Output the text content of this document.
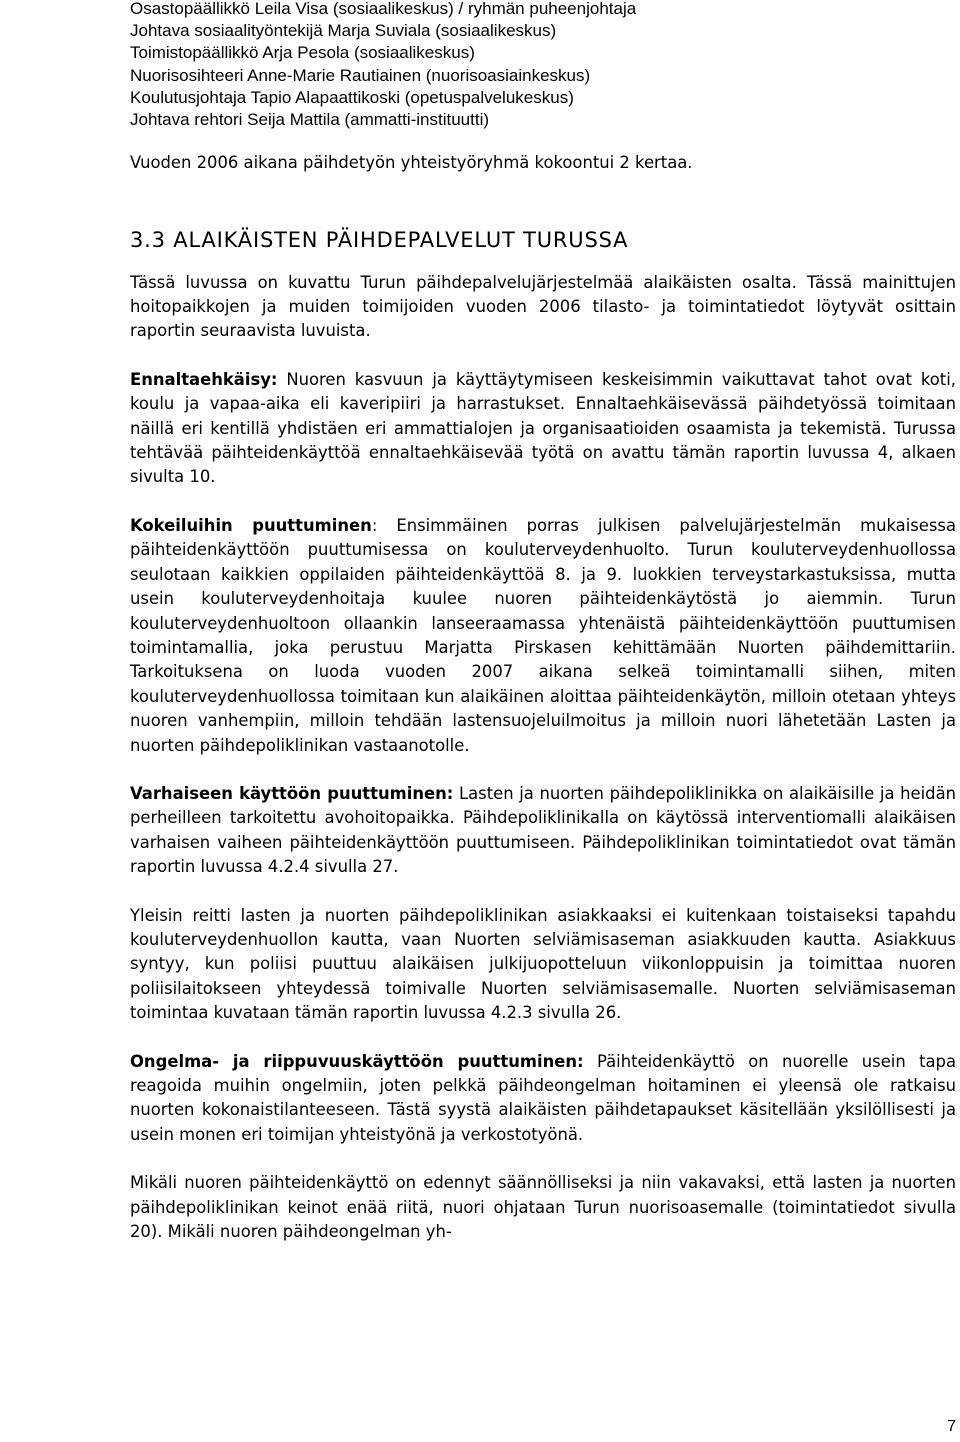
Osastopäällikkö Leila Visa (sosiaalikeskus) / ryhmän puheenjohtaja
Johtava sosiaalityöntekijä Marja Suviala (sosiaalikeskus)
Toimistopäällikkö Arja Pesola (sosiaalikeskus)
Nuorisosihteeri Anne-Marie Rautiainen (nuorisoasiainkeskus)
Koulutusjohtaja Tapio Alapaattikoski (opetuspalvelukeskus)
Johtava rehtori Seija Mattila (ammatti-instituutti)

Vuoden 2006 aikana päihdetyön yhteistyöryhmä kokoontui 2 kertaa.

3.3 ALAIKÄISTEN PÄIHDEPALVELUT TURUSSA

Tässä luvussa on kuvattu Turun päihdepalvelujärjestelmää alaikäisten osalta. Tässä mainittujen hoitopaikkojen ja muiden toimijoiden vuoden 2006 tilasto- ja toimintatiedot löytyvät osittain raportin seuraavista luvuista.

Ennaltaehkäisy: Nuoren kasvuun ja käyttäytymiseen keskeisimmin vaikuttavat tahot ovat koti, koulu ja vapaa-aika eli kaveripiiri ja harrastukset. Ennaltaehkäisevässä päihdetyössä toimitaan näillä eri kentillä yhdistäen eri ammattialojen ja organisaatioiden osaamista ja tekemistä. Turussa tehtävää päihteidenkäyttöä ennaltaehkäisevää työtä on avattu tämän raportin luvussa 4, alkaen sivulta 10.

Kokeiluihin puuttuminen: Ensimmäinen porras julkisen palvelujärjestelmän mukaisessa päihteidenkäyttöön puuttumisessa on kouluterveydenhuolto. Turun kouluterveydenhuollossa seulotaan kaikkien oppilaiden päihteidenkäyttöä 8. ja 9. luokkien terveystarkastuksissa, mutta usein kouluterveydenhoitaja kuulee nuoren päihteidenkäytöstä jo aiemmin. Turun kouluterveydenhuoltoon ollaankin lanseeraamassa yhtenäistä päihteidenkäyttöön puuttumisen toimintamallia, joka perustuu Marjatta Pirskasen kehittämään Nuorten päihdemittariin. Tarkoituksena on luoda vuoden 2007 aikana selkeä toimintamalli siihen, miten kouluterveydenhuollossa toimitaan kun alaikäinen aloittaa päihteidenkäytön, milloin otetaan yhteys nuoren vanhempiin, milloin tehdään lastensuojeluilmoitus ja milloin nuori lähetetään Lasten ja nuorten päihdepoliklinikan vastaanotolle.

Varhaiseen käyttöön puuttuminen: Lasten ja nuorten päihdepoliklinikka on alaikäisille ja heidän perheilleen tarkoitettu avohoitopaikka. Päihdepoliklinikalla on käytössä interventiomalli alaikäisen varhaisen vaiheen päihteidenkäyttöön puuttumiseen. Päihdepoliklinikan toimintatiedot ovat tämän raportin luvussa 4.2.4 sivulla 27.

Yleisin reitti lasten ja nuorten päihdepoliklinikan asiakkaaksi ei kuitenkaan toistaiseksi tapahdu kouluterveydenhuollon kautta, vaan Nuorten selviämisaseman asiakkuuden kautta. Asiakkuus syntyy, kun poliisi puuttuu alaikäisen julkijuopotteluun viikonloppuisin ja toimittaa nuoren poliisilaitokseen yhteydessä toimivalle Nuorten selviämisasemalle. Nuorten selviämisaseman toimintaa kuvataan tämän raportin luvussa 4.2.3 sivulla 26.

Ongelma- ja riippuvuuskäyttöön puuttuminen: Päihteidenkäyttö on nuorelle usein tapa reagoida muihin ongelmiin, joten pelkkä päihdeongelman hoitaminen ei yleensä ole ratkaisu nuorten kokonaistilanteeseen. Tästä syystä alaikäisten päihdetapaukset käsitellään yksilöllisesti ja usein monen eri toimijan yhteistyönä ja verkostotyönä.

Mikäli nuoren päihteidenkäyttö on edennyt säännölliseksi ja niin vakavaksi, että lasten ja nuorten päihdepoliklinikan keinot enää riitä, nuori ohjataan Turun nuorisoasemalle (toimintatiedot sivulla 20). Mikäli nuoren päihdeongelman yh-

7
